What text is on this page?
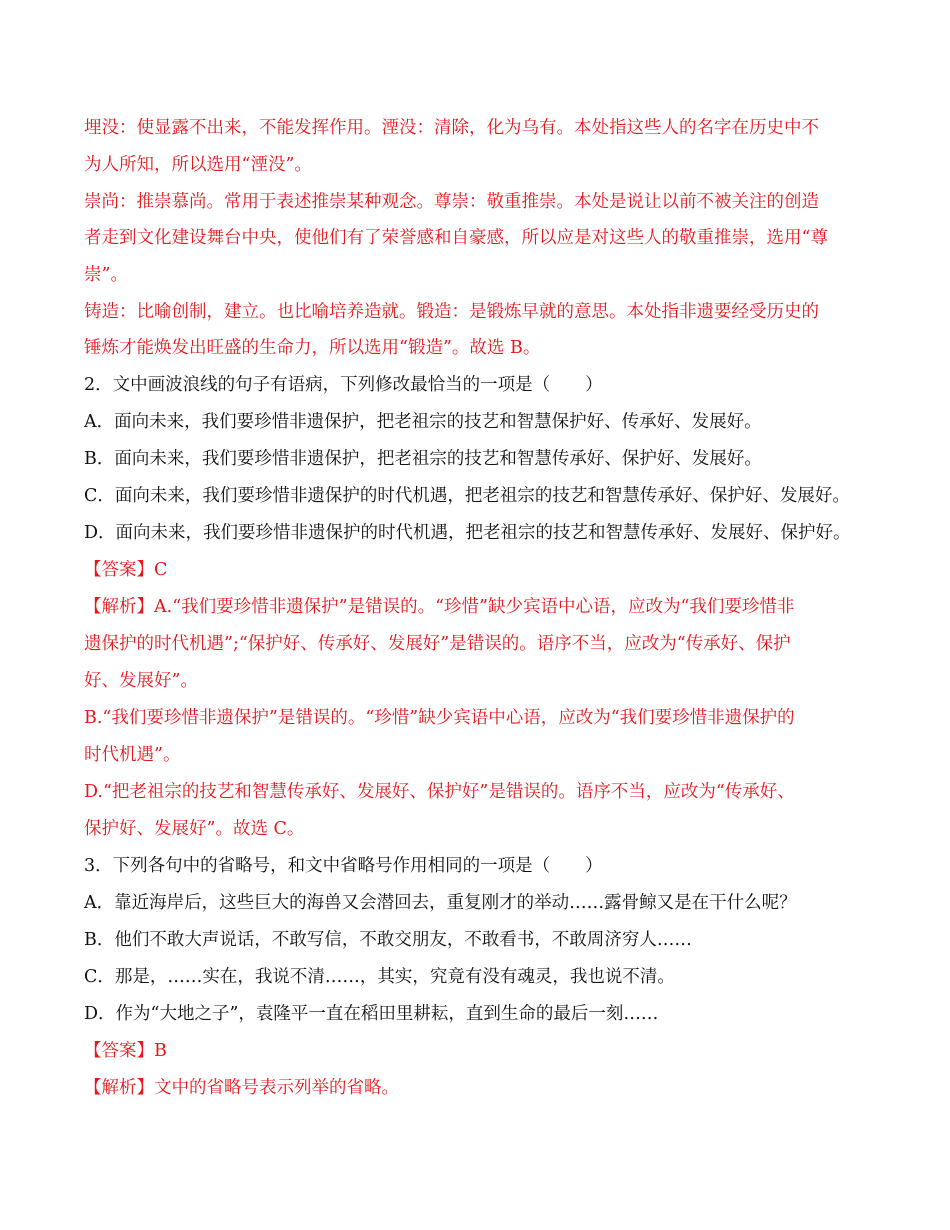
埋没：使显露不出来，不能发挥作用。湮没：清除，化为乌有。本处指这些人的名字在历史中不
为人所知，所以选用“湮没”。
崇尚：推崇慕尚。常用于表述推崇某种观念。尊崇：敬重推崇。本处是说让以前不被关注的创造
者走到文化建设舞台中央，使他们有了荣誉感和自豪感，所以应是对这些人的敬重推崇，选用“尊
崇”。
铸造：比喻创制，建立。也比喻培养造就。锻造：是锻炼早就的意思。本处指非遗要经受历史的
锤炼才能焕发出旺盛的生命力，所以选用“锻造”。故选 B。
2．文中画波浪线的句子有语病，下列修改最恰当的一项是（　　）
A．面向未来，我们要珍惜非遗保护，把老祖宗的技艺和智慧保护好、传承好、发展好。
B．面向未来，我们要珍惜非遗保护，把老祖宗的技艺和智慧传承好、保护好、发展好。
C．面向未来，我们要珍惜非遗保护的时代机遇，把老祖宗的技艺和智慧传承好、保护好、发展好。
D．面向未来，我们要珍惜非遗保护的时代机遇，把老祖宗的技艺和智慧传承好、发展好、保护好。
【答案】C
【解析】A.“我们要珍惜非遗保护”是错误的。“珍惜”缺少宾语中心语，应改为“我们要珍惜非
遗保护的时代机遇”;“保护好、传承好、发展好”是错误的。语序不当，应改为“传承好、保护
好、发展好”。
B.“我们要珍惜非遗保护”是错误的。“珍惜”缺少宾语中心语，应改为“我们要珍惜非遗保护的
时代机遇”。
D.“把老祖宗的技艺和智慧传承好、发展好、保护好”是错误的。语序不当，应改为“传承好、
保护好、发展好”。故选 C。
3．下列各句中的省略号，和文中省略号作用相同的一项是（　　）
A．靠近海岸后，这些巨大的海兽又会潜回去，重复刚才的举动……露骨鲸又是在干什么呢？
B．他们不敢大声说话，不敢写信，不敢交朋友，不敢看书，不敢周济穷人……
C．那是，……实在，我说不清……，其实，究竟有没有魂灵，我也说不清。
D．作为“大地之子”，袁隆平一直在稻田里耕耘，直到生命的最后一刻……
【答案】B
【解析】文中的省略号表示列举的省略。
